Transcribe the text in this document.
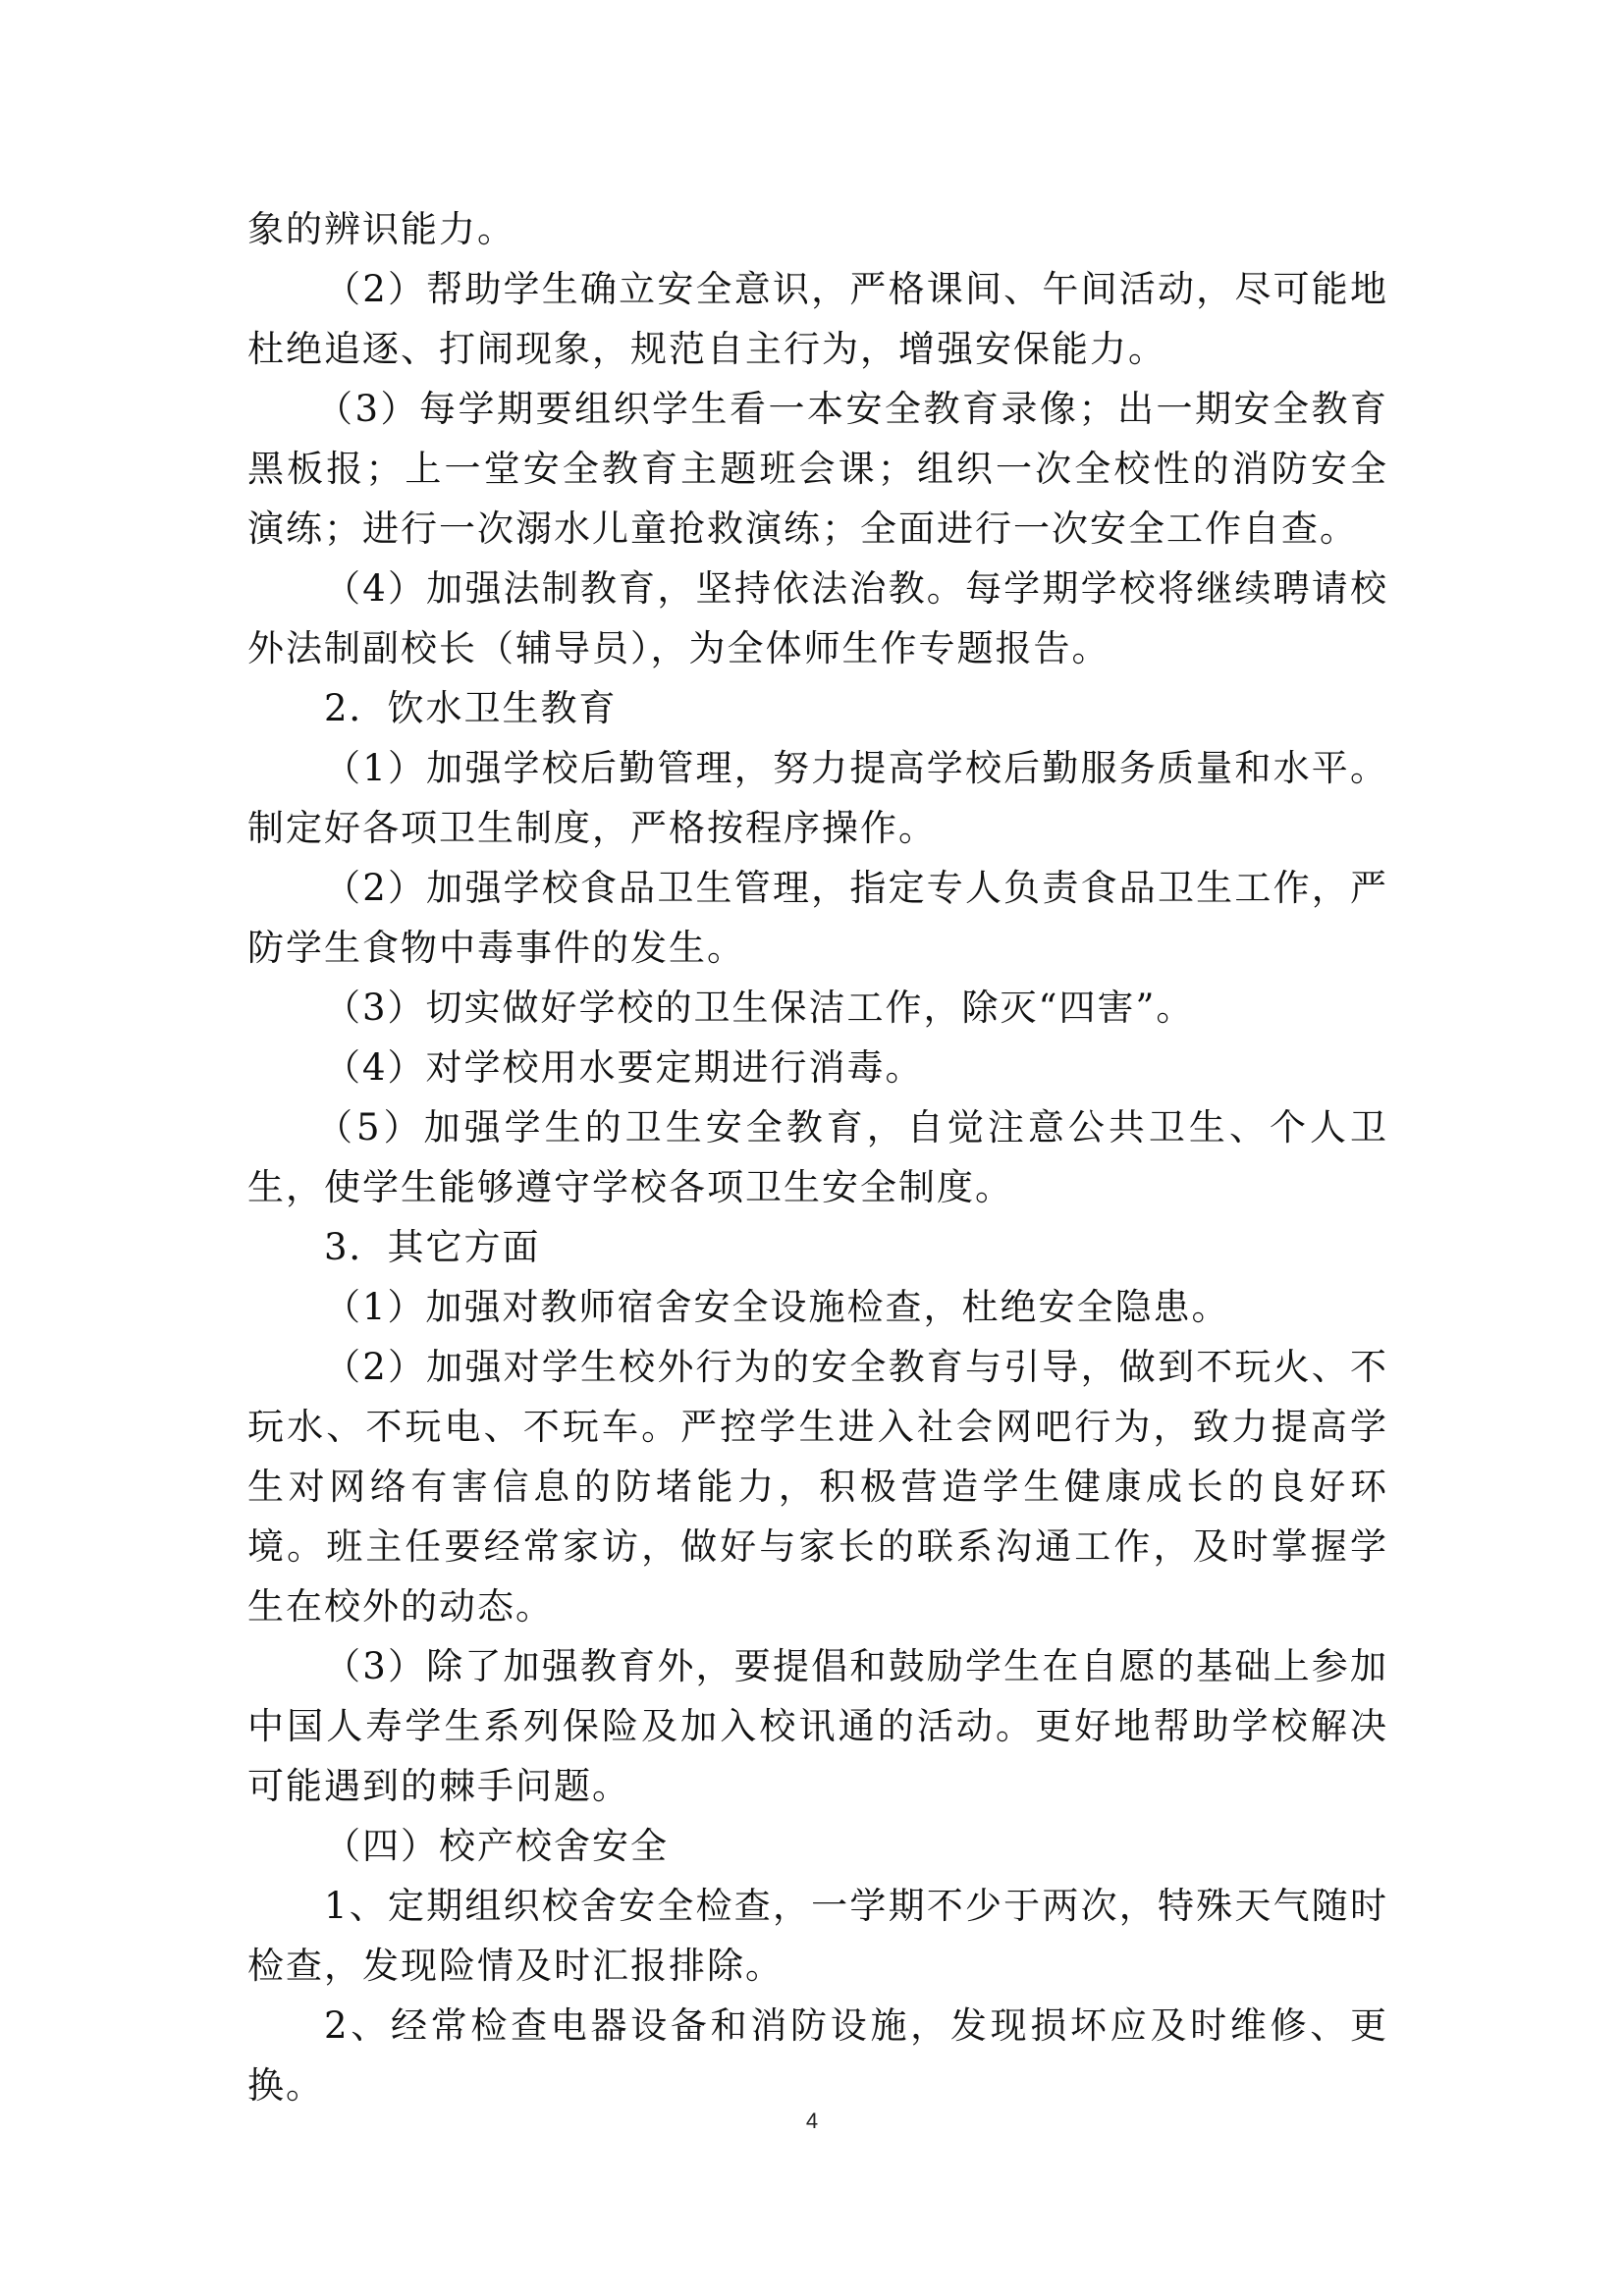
象的辨识能力。

（2）帮助学生确立安全意识，严格课间、午间活动，尽可能地杜绝追逐、打闹现象，规范自主行为，增强安保能力。

（3）每学期要组织学生看一本安全教育录像；出一期安全教育黑板报；上一堂安全教育主题班会课；组织一次全校性的消防安全演练；进行一次溺水儿童抢救演练；全面进行一次安全工作自查。

（4）加强法制教育，坚持依法治教。每学期学校将继续聘请校外法制副校长（辅导员），为全体师生作专题报告。

2．饮水卫生教育

（1）加强学校后勤管理，努力提高学校后勤服务质量和水平。制定好各项卫生制度，严格按程序操作。

（2）加强学校食品卫生管理，指定专人负责食品卫生工作，严防学生食物中毒事件的发生。

（3）切实做好学校的卫生保洁工作，除灭“四害”。

（4）对学校用水要定期进行消毒。

（5）加强学生的卫生安全教育，自觉注意公共卫生、个人卫生，使学生能够遵守学校各项卫生安全制度。

3．其它方面

（1）加强对教师宿舍安全设施检查，杜绝安全隐患。

（2）加强对学生校外行为的安全教育与引导，做到不玩火、不玩水、不玩电、不玩车。严控学生进入社会网吧行为，致力提高学生对网络有害信息的防堵能力，积极营造学生健康成长的良好环境。班主任要经常家访，做好与家长的联系沟通工作，及时掌握学生在校外的动态。

（3）除了加强教育外，要提倡和鼓励学生在自愿的基础上参加中国人寿学生系列保险及加入校讯通的活动。更好地帮助学校解决可能遇到的棘手问题。

（四）校产校舍安全

1、定期组织校舍安全检查，一学期不少于两次，特殊天气随时检查，发现险情及时汇报排除。

2、经常检查电器设备和消防设施，发现损坏应及时维修、更换。

4
